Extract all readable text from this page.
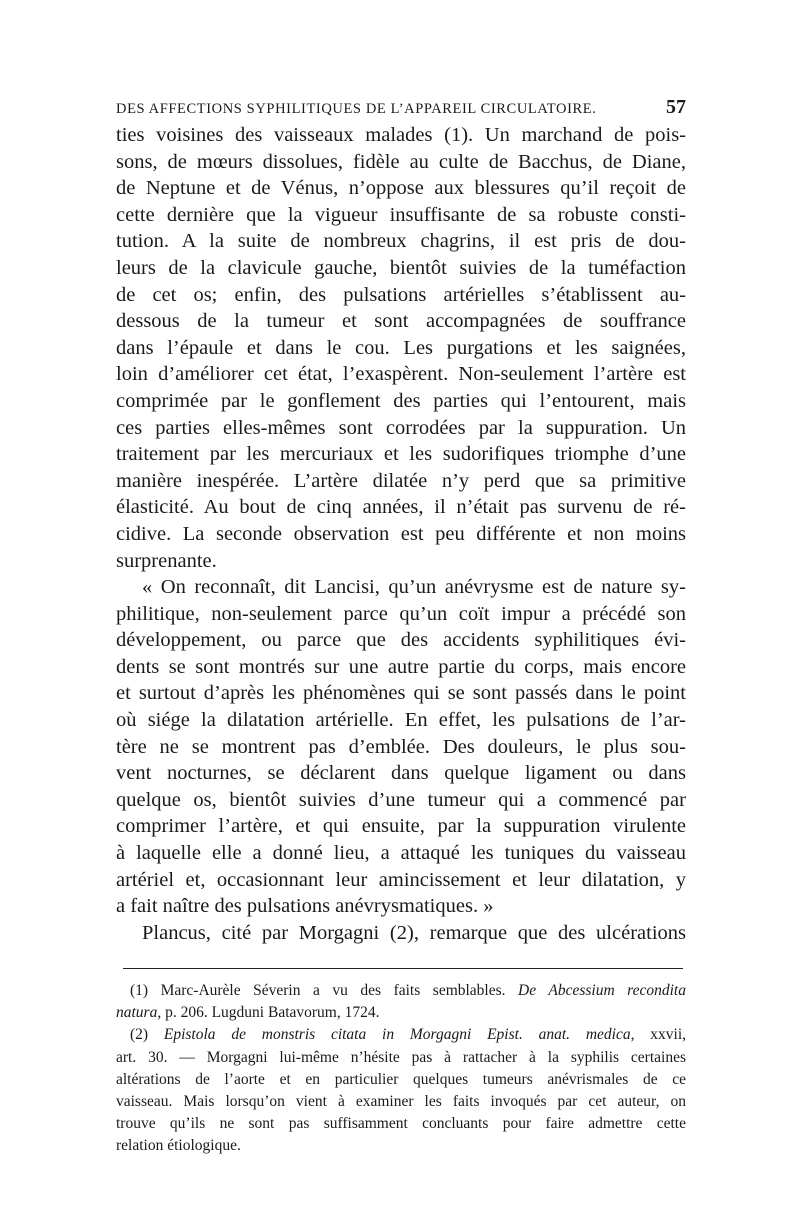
DES AFFECTIONS SYPHILITIQUES DE L’APPAREIL CIRCULATOIRE.	57
ties voisines des vaisseaux malades (1). Un marchand de pois-
sons, de mœurs dissolues, fidèle au culte de Bacchus, de Diane,
de Neptune et de Vénus, n’oppose aux blessures qu’il reçoit de
cette dernière que la vigueur insuffisante de sa robuste consti-
tution. A la suite de nombreux chagrins, il est pris de dou-
leurs de la clavicule gauche, bientôt suivies de la tuméfaction
de cet os; enfin, des pulsations artérielles s’établissent au-
dessous de la tumeur et sont accompagnées de souffrance
dans l’épaule et dans le cou. Les purgations et les saignées,
loin d’améliorer cet état, l’exaspèrent. Non-seulement l’artère est
comprimée par le gonflement des parties qui l’entourent, mais
ces parties elles-mêmes sont corrodées par la suppuration. Un
traitement par les mercuriaux et les sudorifiques triomphe d’une
manière inespérée. L’artère dilatée n’y perd que sa primitive
élasticité. Au bout de cinq années, il n’était pas survenu de ré-
cidive. La seconde observation est peu différente et non moins
surprenante.
« On reconnaît, dit Lancisi, qu’un anévrysme est de nature sy-
philitique, non-seulement parce qu’un coït impur a précédé son
développement, ou parce que des accidents syphilitiques évi-
dents se sont montrés sur une autre partie du corps, mais encore
et surtout d’après les phénomènes qui se sont passés dans le point
où siége la dilatation artérielle. En effet, les pulsations de l’ar-
tère ne se montrent pas d’emblée. Des douleurs, le plus sou-
vent nocturnes, se déclarent dans quelque ligament ou dans
quelque os, bientôt suivies d’une tumeur qui a commencé par
comprimer l’artère, et qui ensuite, par la suppuration virulente
à laquelle elle a donné lieu, a attaqué les tuniques du vaisseau
artériel et, occasionnant leur amincissement et leur dilatation, y
a fait naître des pulsations anévrysmatiques. »
Plancus, cité par Morgagni (2), remarque que des ulcérations
(1) Marc-Aurèle Séverin a vu des faits semblables. De Abcessium recondita
natura, p. 206. Lugduni Batavorum, 1724.
(2) Epistola de monstris citata in Morgagni Epist. anat. medica, xxvii,
art. 30. — Morgagni lui-même n’hésite pas à rattacher à la syphilis certaines
altérations de l’aorte et en particulier quelques tumeurs anévrismales de ce
vaisseau. Mais lorsqu’on vient à examiner les faits invoqués par cet auteur, on
trouve qu’ils ne sont pas suffisamment concluants pour faire admettre cette
relation étiologique.
